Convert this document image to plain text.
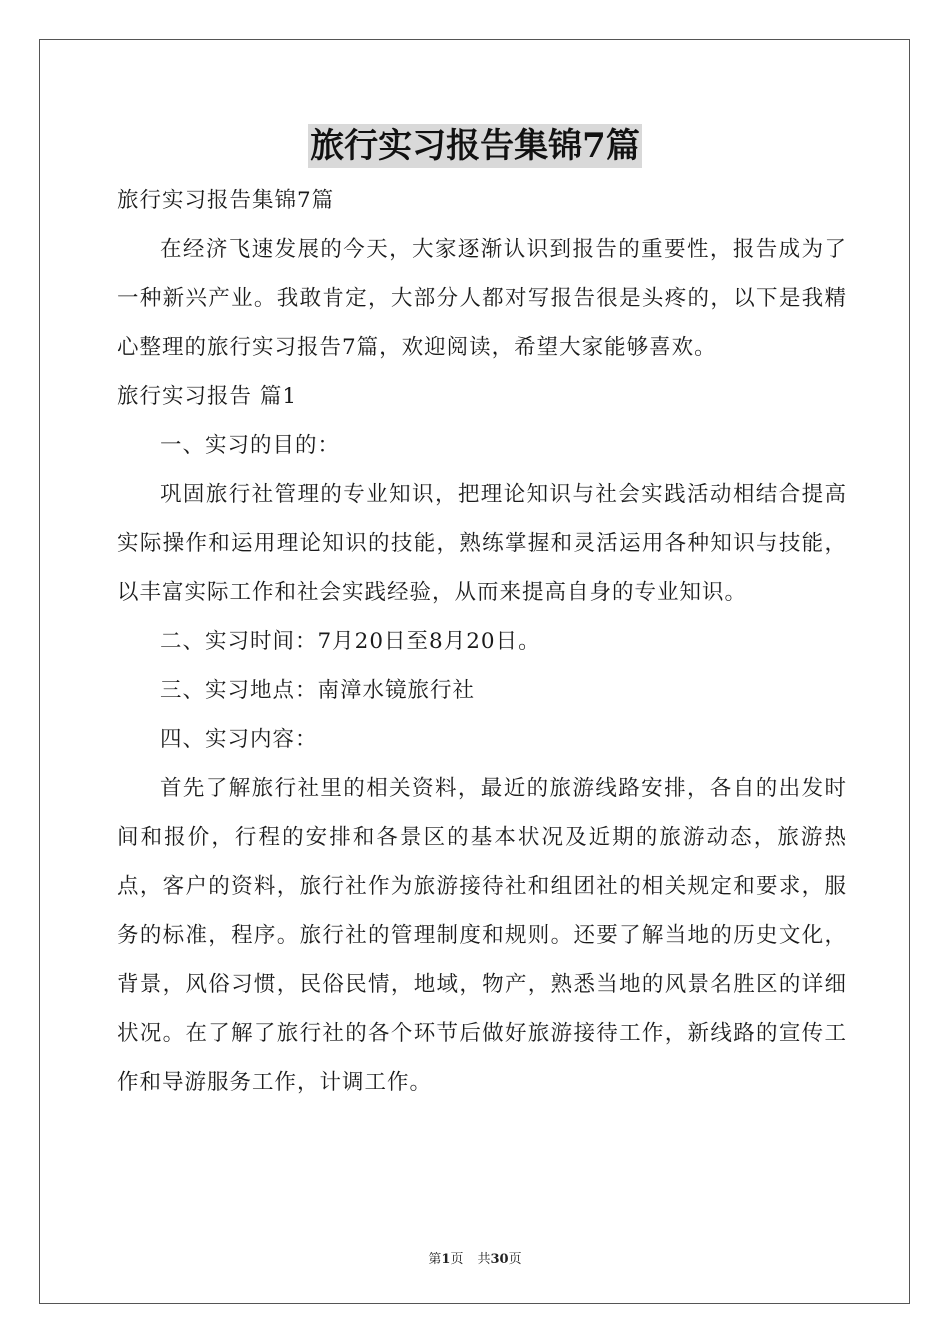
旅行实习报告集锦7篇

旅行实习报告集锦7篇

在经济飞速发展的今天，大家逐渐认识到报告的重要性，报告成为了一种新兴产业。我敢肯定，大部分人都对写报告很是头疼的，以下是我精心整理的旅行实习报告7篇，欢迎阅读，希望大家能够喜欢。

旅行实习报告 篇1

一、实习的目的：

巩固旅行社管理的专业知识，把理论知识与社会实践活动相结合提高实际操作和运用理论知识的技能，熟练掌握和灵活运用各种知识与技能，以丰富实际工作和社会实践经验，从而来提高自身的专业知识。

二、实习时间：7月20日至8月20日。

三、实习地点：南漳水镜旅行社

四、实习内容：

首先了解旅行社里的相关资料，最近的旅游线路安排，各自的出发时间和报价，行程的安排和各景区的基本状况及近期的旅游动态，旅游热点，客户的资料，旅行社作为旅游接待社和组团社的相关规定和要求，服务的标准，程序。旅行社的管理制度和规则。还要了解当地的历史文化，背景，风俗习惯，民俗民情，地域，物产，熟悉当地的风景名胜区的详细状况。在了解了旅行社的各个环节后做好旅游接待工作，新线路的宣传工作和导游服务工作，计调工作。

第1页 共30页
